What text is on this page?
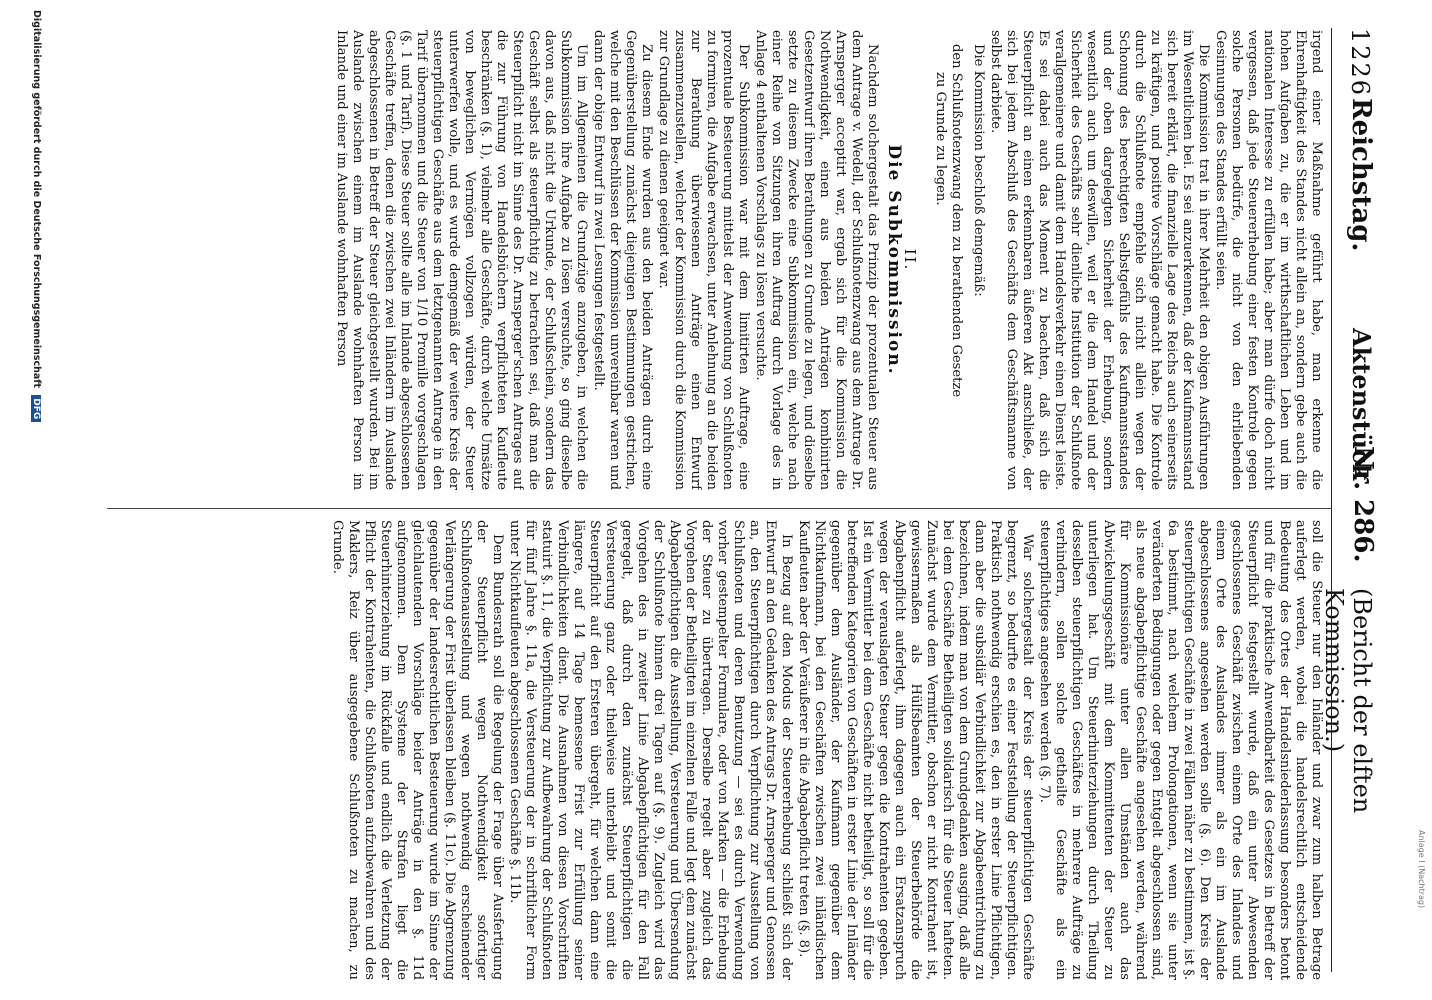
1226
Reichstag.
Aktenstück
Nr. 286.
(Bericht der elften Kommission.)

irgend einer Maßnahme geführt habe, man erkenne die Ehrenhaftigkeit des Standes nicht allein an, sondern gebe auch die hohen Aufgaben zu, die er im wirthschaftlichen Leben und im nationalen Interesse zu erfüllen habe; aber man dürfe doch nicht vergessen, daß jede Steuererhebung einer festen Kontrole gegen solche Personen bedürfe, die nicht von den ehrliebenden Gesinnungen des Standes erfüllt seien.

Die Kommission trat in ihrer Mehrheit den obigen Ausführungen im Wesentlichen bei. Es sei anzuerkennen, daß der Kaufmannsstand sich bereit erklärt, die finanzielle Lage des Reichs auch seinerseits zu kräftigen, und positive Vorschläge gemacht habe. Die Kontrole durch die Schlußnote empfehle sich nicht allein wegen der Schonung des berechtigten Selbstgefühls des Kaufmannsstandes und der oben dargelegten Sicherheit der Erhebung, sondern wesentlich auch um deswillen, weil er die dem Handel und der Sicherheit des Geschäfts sehr dienliche Institution der Schlußnote verallgemeinere und damit dem Handelsverkehr einen Dienst leiste. Es sei dabei auch das Moment zu beachten, daß sich die Steuerpflicht an einen erkennbaren äußeren Akt anschließe, der sich bei jedem Abschluß des Geschäfts dem Geschäftsmanne von selbst darbiete.

Die Kommission beschloß demgemäß:

den Schlußnotenzwang dem zu berathenden Gesetze
zu Grunde zu legen.
II.
Die Subkommission.

Nachdem solchergestalt das Prinzip der prozentualen Steuer aus dem Antrage v. Wedell, der Schlußnotenzwang aus dem Antrage Dr. Arnsperger acceptirt war, ergab sich für die Kommission die Nothwendigkeit, einen aus beiden Anträgen kombinirten Gesetzentwurf ihren Berathungen zu Grunde zu legen, und dieselbe setzte zu diesem Zwecke eine Subkommission ein, welche nach einer Reihe von Sitzungen ihren Auftrag durch Vorlage des in Anlage 4 enthaltenen Vorschlags zu lösen versuchte.

Der Subkommission war mit dem limitirten Auftrage, eine prozentuale Besteuerung mittelst der Anwendung von Schlußnoten zu formiren, die Aufgabe erwachsen, unter Anlehnung an die beiden zur Berathung überwiesenen Anträge einen Entwurf zusammenzustellen, welcher der Kommission durch die Kommission zur Grundlage zu dienen geeignet war.

Zu diesem Ende wurden aus den beiden Anträgen durch eine Gegenüberstellung zunächst diejenigen Bestimmungen gestrichen, welche mit den Beschlüssen der Kommission unvereinbar waren und dann der obige Entwurf in zwei Lesungen festgestellt.

Um im Allgemeinen die Grundzüge anzugeben, in welchen die Subkommission ihre Aufgabe zu lösen versuchte, so ging dieselbe davon aus, daß nicht die Urkunde, der Schlußschein, sondern das Geschäft selbst als steuerpflichtig zu betrachten sei, daß man die Steuerpflicht nicht im Sinne des Dr. Arnsperger'schen Antrages auf die zur Führung von Handelsbüchern verpflichteten Kaufleute beschränken (§. 1), vielmehr alle Geschäfte, durch welche Umsätze von beweglichen Vermögen vollzogen würden, der Steuer unterwerfen wolle, und es wurde demgemäß der weitere Kreis der steuerpflichtigen Geschäfte aus dem letztgenannten Antrage in den Tarif übernommen und die Steuer von 1/10 Promille vorgeschlagen (§. 1 und Tarif). Diese Steuer sollte alle im Inlande abgeschlossenen Geschäfte treffen, denen die zwischen zwei Inländern im Auslande abgeschlossenen in Betreff der Steuer gleichgestellt wurden. Bei im Auslande zwischen einem im Auslande wohnhaften Person im Inlande und einer im Auslande wohnhaften Person

soll die Steuer nur den Inländer und zwar zum halben Betrage auferlegt werden, wobei die handelsrechtlich entscheidende Bedeutung des Ortes der Handelsniederlassung besonders betont und für die praktische Anwendbarkeit des Gesetzes in Betreff der Steuerpflicht festgestellt wurde, daß ein unter Abwesenden geschlossenes Geschäft zwischen einem Orte des Inlandes und einem Orte des Auslandes immer als ein im Auslande abgeschlossenes angesehen werden solle (§. 6). Den Kreis der steuerpflichtigen Geschäfte in zwei Fällen näher zu bestimmen, ist §. 6a bestimmt, nach welchem Prolongationen, wenn sie unter veränderten Bedingungen oder gegen Entgelt abgeschlossen sind, als neue abgabepflichtige Geschäfte angesehen werden, während für Kommissionäre unter allen Umständen auch das Abwickelungsgeschäft mit dem Kommittenten der Steuer zu unterliegen hat. Um Steuerhinterziehungen durch Theilung desselben steuerpflichtigen Geschäftes in mehrere Aufträge zu verhindern, sollen solche getheilte Geschäfte als ein steuerpflichtiges angesehen werden (§. 7).

War solchergestalt der Kreis der steuerpflichtigen Geschäfte begrenzt, so bedurfte es einer Feststellung der Steuerpflichtigen. Praktisch nothwendig erschien es, den in erster Linie Pflichtigen, dann aber die subsidiär Verbindlichkeit zur Abgabeentrichtung zu bezeichnen, indem man von dem Grundgedanken ausging, daß alle bei dem Geschäfte Betheiligten solidarisch für die Steuer hafteten. Zunächst wurde dem Vermittler, obschon er nicht Kontrahent ist, gewissermaßen als Hülfsbeamten der Steuerbehörde die Abgabenpflicht auferlegt, ihm dagegen auch ein Ersatzanspruch wegen der verauslagten Steuer gegen die Kontrahenten gegeben. Ist ein Vermittler bei dem Geschäfte nicht betheiligt, so soll für die betreffenden Kategorien von Geschäften in erster Linie der Inländer gegenüber dem Ausländer, der Kaufmann gegenüber dem Nichtkaufmann, bei den Geschäften zwischen zwei inländischen Kaufleuten aber der Veräußerer in die Abgabepflicht treten (§. 8).

In Bezug auf den Modus der Steuererhebung schließt sich der Entwurf an den Gedanken des Antrags Dr. Arnsperger und Genossen an, den Steuerpflichtigen durch Verpflichtung zur Ausstellung von Schlußnoten und deren Benutzung — sei es durch Verwendung vorher gestempelter Formulare, oder von Marken — die Erhebung der Steuer zu übertragen. Derselbe regelt aber zugleich das Vorgehen der Betheiligten im einzelnen Falle und legt dem zunächst Abgabepflichtigen die Ausstellung, Versteuerung und Übersendung der Schlußnote binnen drei Tagen auf (§. 9). Zugleich wird das Vorgehen des in zweiter Linie Abgabepflichtigen für den Fall geregelt, daß durch den zunächst Steuerpflichtigen die Versteuerung ganz oder theilweise unterbleibt und somit die Steuerpflicht auf den Ersteren übergeht, für welchen dann eine längere, auf 14 Tage bemessene Frist zur Erfüllung seiner Verbindlichkeiten dient. Die Ausnahmen von diesen Vorschriften statuirt §. 11, die Verpflichtung zur Aufbewahrung der Schlußnoten für fünf Jahre §. 11a, die Versteuerung der in schriftlicher Form unter Nichtkaufleuten abgeschlossenen Geschäfte §. 11b.

Dem Bundesrath soll die Regelung der Frage über Ausfertigung der Steuerpflicht wegen Nothwendigkeit sofortiger Schlußnotenausstellung und wegen nothwendig erscheinender Verlängerung der Frist überlassen bleiben (§. 11c). Die Abgrenzung gegenüber der landesrechtlichen Besteuerung wurde im Sinne der gleichlautenden Vorschläge beider Anträge in den §. 11d aufgenommen. Dem Systeme der Strafen liegt die Steuerhinterziehung im Rückfalle und endlich die Verletzung der Pflicht der Kontrahenten, die Schlußnoten aufzubewahren und des Maklers, Reiz über ausgegebene Schlußnoten zu machen, zu Grunde.

Anlage I (Nachtrag)
Digitalisierung gefördert durch die Deutsche Forschungsgemeinschaft DFG
